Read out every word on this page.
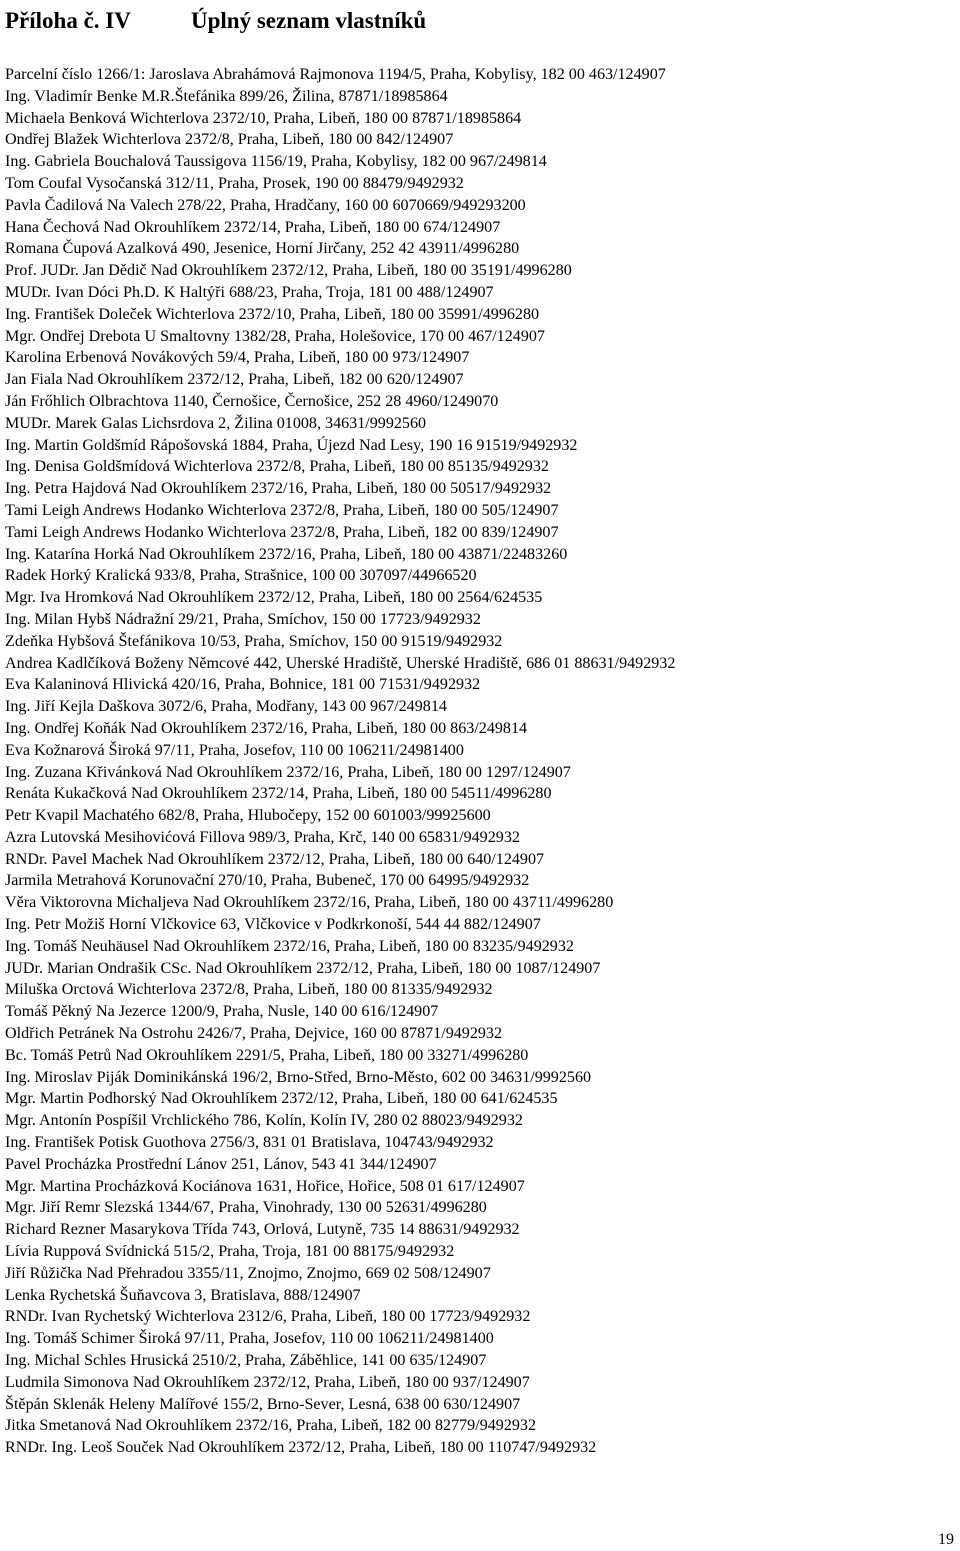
Příloha č. IV	Úplný seznam vlastníků
Parcelní číslo 1266/1: Jaroslava Abrahámová Rajmonova 1194/5, Praha, Kobylisy, 182 00 463/124907
Ing. Vladimír Benke M.R.Štefánika 899/26, Žilina, 87871/18985864
Michaela Benková Wichterlova 2372/10, Praha, Libeň, 180 00 87871/18985864
Ondřej Blažek Wichterlova 2372/8, Praha, Libeň, 180 00 842/124907
Ing. Gabriela Bouchalová Taussigova 1156/19, Praha, Kobylisy, 182 00 967/249814
Tom Coufal Vysočanská 312/11, Praha, Prosek, 190 00 88479/9492932
Pavla Čadilová Na Valech 278/22, Praha, Hradčany, 160 00 6070669/949293200
Hana Čechová Nad Okrouhlíkem 2372/14, Praha, Libeň, 180 00 674/124907
Romana Čupová Azalková 490, Jesenice, Horní Jirčany, 252 42 43911/4996280
Prof. JUDr. Jan Dědič Nad Okrouhlíkem 2372/12, Praha, Libeň, 180 00 35191/4996280
MUDr. Ivan Dóci Ph.D. K Haltýři 688/23, Praha, Troja, 181 00 488/124907
Ing. František Doleček Wichterlova 2372/10, Praha, Libeň, 180 00 35991/4996280
Mgr. Ondřej Drebota U Smaltovny 1382/28, Praha, Holešovice, 170 00 467/124907
Karolina Erbenová Novákových 59/4, Praha, Libeň, 180 00 973/124907
Jan Fiala Nad Okrouhlíkem 2372/12, Praha, Libeň, 182 00 620/124907
Ján Frőhlich Olbrachtova 1140, Černošice, Černošice, 252 28 4960/1249070
MUDr. Marek Galas Lichsrdova 2, Žilina 01008, 34631/9992560
Ing. Martin Goldšmíd Rápošovská 1884, Praha, Újezd Nad Lesy, 190 16 91519/9492932
Ing. Denisa Goldšmídová Wichterlova 2372/8, Praha, Libeň, 180 00 85135/9492932
Ing. Petra Hajdová Nad Okrouhlíkem 2372/16, Praha, Libeň, 180 00 50517/9492932
Tami Leigh Andrews Hodanko Wichterlova 2372/8, Praha, Libeň, 180 00 505/124907
Tami Leigh Andrews Hodanko Wichterlova 2372/8, Praha, Libeň, 182 00 839/124907
Ing. Katarína Horká Nad Okrouhlíkem 2372/16, Praha, Libeň, 180 00 43871/22483260
Radek Horký Kralická 933/8, Praha, Strašnice, 100 00 307097/44966520
Mgr. Iva Hromková Nad Okrouhlíkem 2372/12, Praha, Libeň, 180 00 2564/624535
Ing. Milan Hybš Nádražní 29/21, Praha, Smíchov, 150 00 17723/9492932
Zdeňka Hybšová Štefánikova 10/53, Praha, Smíchov, 150 00 91519/9492932
Andrea Kadlčíková Boženy Němcové 442, Uherské Hradiště, Uherské Hradiště, 686 01 88631/9492932
Eva Kalaninová Hlivická 420/16, Praha, Bohnice, 181 00 71531/9492932
Ing. Jiří Kejla Daškova 3072/6, Praha, Modřany, 143 00 967/249814
Ing. Ondřej Koňák Nad Okrouhlíkem 2372/16, Praha, Libeň, 180 00 863/249814
Eva Kožnarová Široká 97/11, Praha, Josefov, 110 00 106211/24981400
Ing. Zuzana Křivánková Nad Okrouhlíkem 2372/16, Praha, Libeň, 180 00 1297/124907
Renáta Kukačková Nad Okrouhlíkem 2372/14, Praha, Libeň, 180 00 54511/4996280
Petr Kvapil Machatého 682/8, Praha, Hlubočepy, 152 00 601003/99925600
Azra Lutovská Mesihovićová Fillova 989/3, Praha, Krč, 140 00 65831/9492932
RNDr. Pavel Machek Nad Okrouhlíkem 2372/12, Praha, Libeň, 180 00 640/124907
Jarmila Metrahová Korunovační 270/10, Praha, Bubeneč, 170 00 64995/9492932
Věra Viktorovna Michaljeva Nad Okrouhlíkem 2372/16, Praha, Libeň, 180 00 43711/4996280
Ing. Petr Možiš Horní Vlčkovice 63, Vlčkovice v Podkrkonoší, 544 44 882/124907
Ing. Tomáš Neuhäusel Nad Okrouhlíkem 2372/16, Praha, Libeň, 180 00 83235/9492932
JUDr. Marian Ondrašik CSc. Nad Okrouhlíkem 2372/12, Praha, Libeň, 180 00 1087/124907
Miluška Orctová Wichterlova 2372/8, Praha, Libeň, 180 00 81335/9492932
Tomáš Pěkný Na Jezerce 1200/9, Praha, Nusle, 140 00 616/124907
Oldřich Petránek Na Ostrohu 2426/7, Praha, Dejvice, 160 00 87871/9492932
Bc. Tomáš Petrů Nad Okrouhlíkem 2291/5, Praha, Libeň, 180 00 33271/4996280
Ing. Miroslav Piják Dominikánská 196/2, Brno-Střed, Brno-Město, 602 00 34631/9992560
Mgr. Martin Podhorský Nad Okrouhlíkem 2372/12, Praha, Libeň, 180 00 641/624535
Mgr. Antonín Pospíšil Vrchlického 786, Kolín, Kolín IV, 280 02 88023/9492932
Ing. František Potisk Guothova 2756/3, 831 01 Bratislava, 104743/9492932
Pavel Procházka Prostřední Lánov 251, Lánov, 543 41 344/124907
Mgr. Martina Procházková Kociánova 1631, Hořice, Hořice, 508 01 617/124907
Mgr. Jiří Remr Slezská 1344/67, Praha, Vinohrady, 130 00 52631/4996280
Richard Rezner Masarykova Třída 743, Orlová, Lutyně, 735 14 88631/9492932
Lívia Ruppová Svídnická 515/2, Praha, Troja, 181 00 88175/9492932
Jiří Růžička Nad Přehradou 3355/11, Znojmo, Znojmo, 669 02 508/124907
Lenka Rychetská Šuňavcova 3, Bratislava, 888/124907
RNDr. Ivan Rychetský Wichterlova 2312/6, Praha, Libeň, 180 00 17723/9492932
Ing. Tomáš Schimer Široká 97/11, Praha, Josefov, 110 00 106211/24981400
Ing. Michal Schles Hrusická 2510/2, Praha, Záběhlice, 141 00 635/124907
Ludmila Simonova Nad Okrouhlíkem 2372/12, Praha, Libeň, 180 00 937/124907
Štěpán Sklenák Heleny Malířové 155/2, Brno-Sever, Lesná, 638 00 630/124907
Jitka Smetanová Nad Okrouhlíkem 2372/16, Praha, Libeň, 182 00 82779/9492932
RNDr. Ing. Leoš Souček Nad Okrouhlíkem 2372/12, Praha, Libeň, 180 00 110747/9492932
19
